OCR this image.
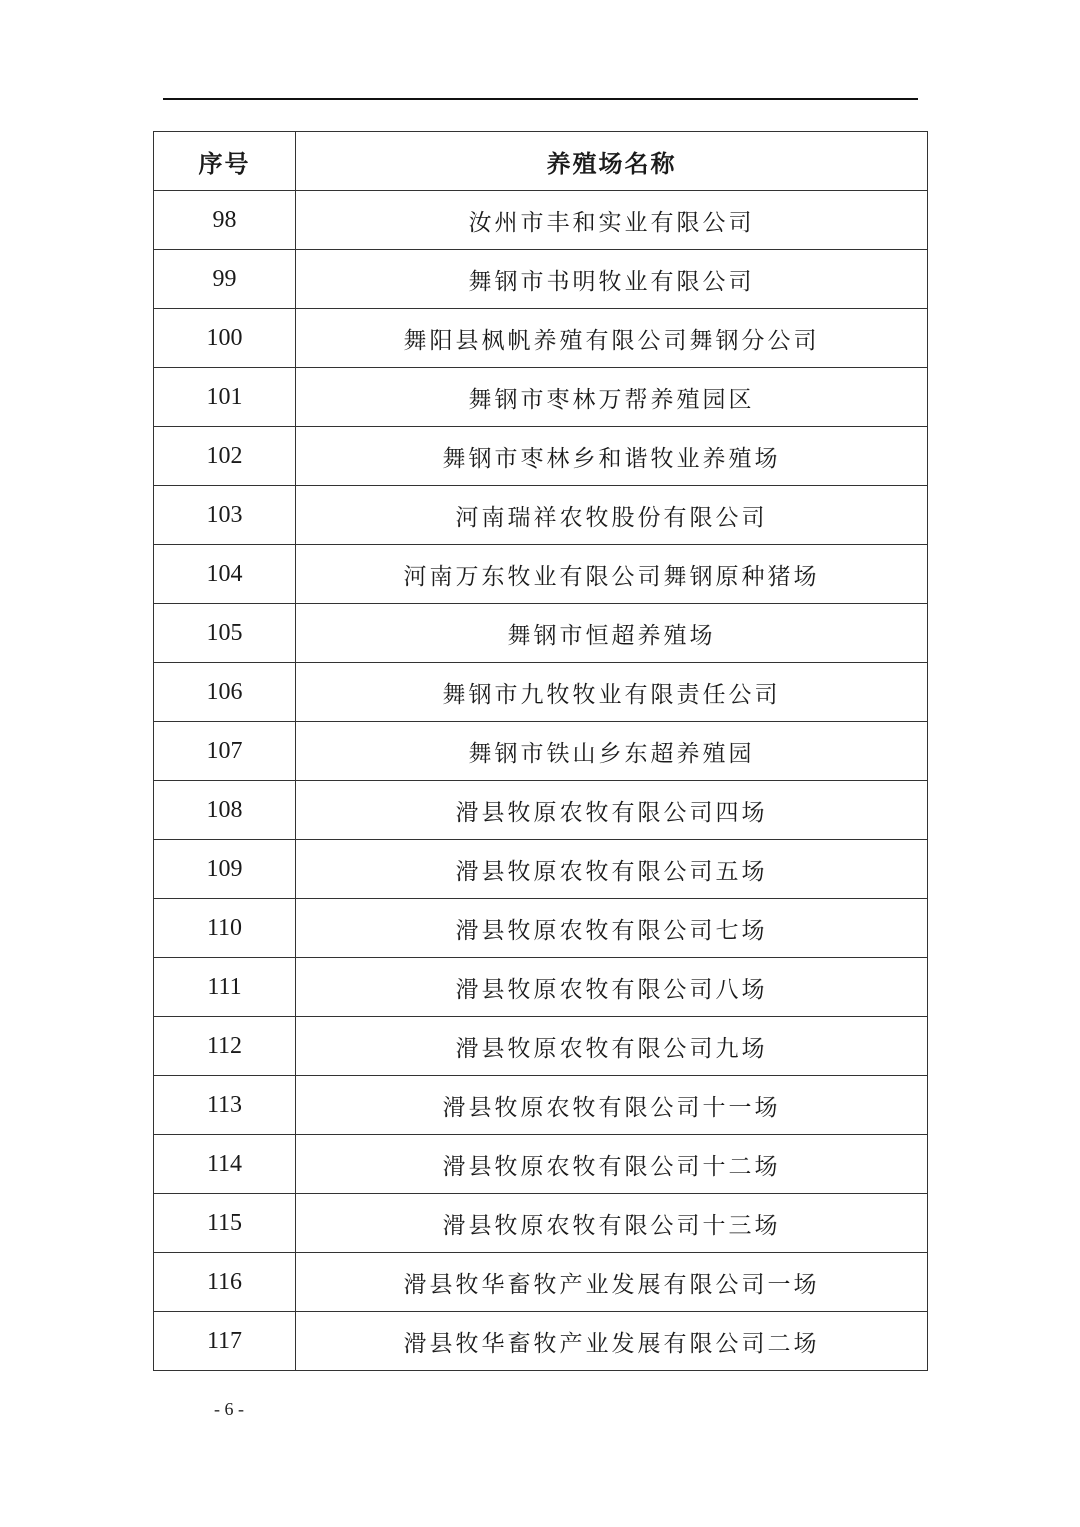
序号	养殖场名称
98	汝州市丰和实业有限公司
99	舞钢市书明牧业有限公司
100	舞阳县枫帆养殖有限公司舞钢分公司
101	舞钢市枣林万帮养殖园区
102	舞钢市枣林乡和谐牧业养殖场
103	河南瑞祥农牧股份有限公司
104	河南万东牧业有限公司舞钢原种猪场
105	舞钢市恒超养殖场
106	舞钢市九牧牧业有限责任公司
107	舞钢市铁山乡东超养殖园
108	滑县牧原农牧有限公司四场
109	滑县牧原农牧有限公司五场
110	滑县牧原农牧有限公司七场
111	滑县牧原农牧有限公司八场
112	滑县牧原农牧有限公司九场
113	滑县牧原农牧有限公司十一场
114	滑县牧原农牧有限公司十二场
115	滑县牧原农牧有限公司十三场
116	滑县牧华畜牧产业发展有限公司一场
117	滑县牧华畜牧产业发展有限公司二场
- 6 -
